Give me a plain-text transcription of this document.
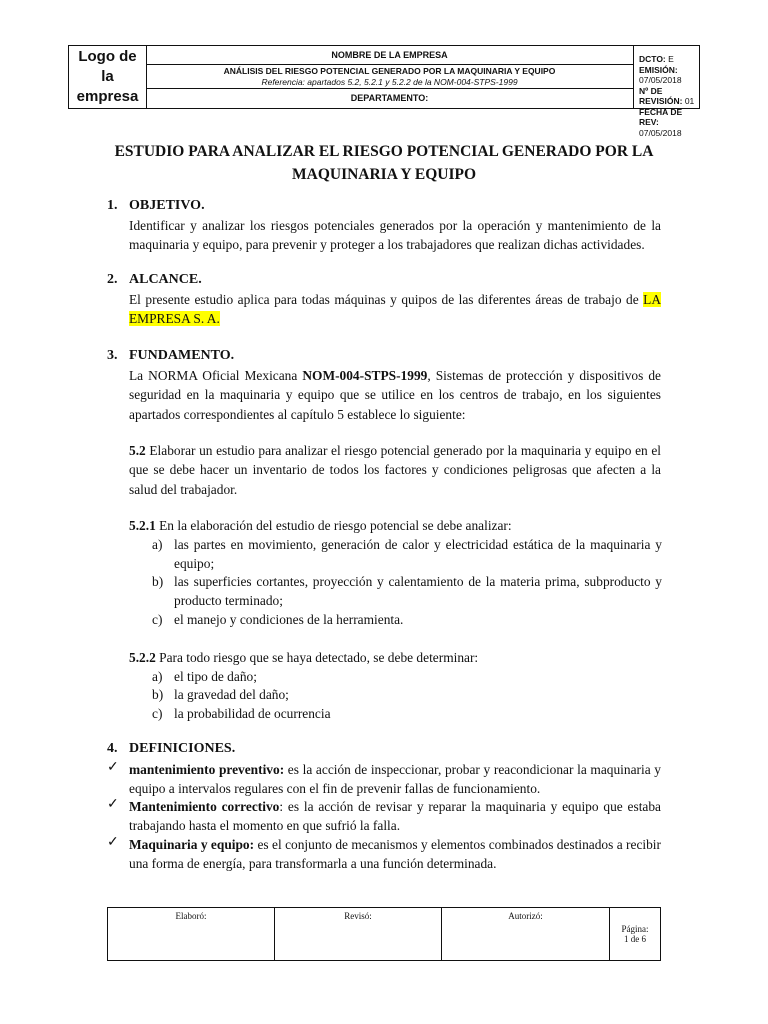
Logo de
la
empresa
NOMBRE DE LA EMPRESA
ANÁLISIS DEL RIESGO POTENCIAL GENERADO POR LA MAQUINARIA Y EQUIPO
Referencia: apartados 5.2, 5.2.1 y 5.2.2 de la NOM-004-STPS-1999
DEPARTAMENTO:
DCTO: E
EMISIÓN: 07/05/2018
Nº DE REVISIÓN: 01
FECHA DE REV: 07/05/2018
ESTUDIO PARA ANALIZAR EL RIESGO POTENCIAL GENERADO POR LA
MAQUINARIA Y EQUIPO
1. OBJETIVO.
Identificar y analizar los riesgos potenciales generados por la operación y mantenimiento de la maquinaria y equipo, para prevenir y proteger a los trabajadores que realizan dichas actividades.
2. ALCANCE.
El presente estudio aplica para todas máquinas y quipos de las diferentes áreas de trabajo de LA EMPRESA S. A.
3. FUNDAMENTO.
La NORMA Oficial Mexicana NOM-004-STPS-1999, Sistemas de protección y dispositivos de seguridad en la maquinaria y equipo que se utilice en los centros de trabajo, en los siguientes apartados correspondientes al capítulo 5 establece lo siguiente:
5.2 Elaborar un estudio para analizar el riesgo potencial generado por la maquinaria y equipo en el que se debe hacer un inventario de todos los factores y condiciones peligrosas que afecten a la salud del trabajador.
5.2.1 En la elaboración del estudio de riesgo potencial se debe analizar:
a) las partes en movimiento, generación de calor y electricidad estática de la maquinaria y equipo;
b) las superficies cortantes, proyección y calentamiento de la materia prima, subproducto y producto terminado;
c) el manejo y condiciones de la herramienta.
5.2.2 Para todo riesgo que se haya detectado, se debe determinar:
a) el tipo de daño;
b) la gravedad del daño;
c) la probabilidad de ocurrencia
4. DEFINICIONES.
✓ mantenimiento preventivo: es la acción de inspeccionar, probar y reacondicionar la maquinaria y equipo a intervalos regulares con el fin de prevenir fallas de funcionamiento.
✓ Mantenimiento correctivo: es la acción de revisar y reparar la maquinaria y equipo que estaba trabajando hasta el momento en que sufrió la falla.
✓ Maquinaria y equipo: es el conjunto de mecanismos y elementos combinados destinados a recibir una forma de energía, para transformarla a una función determinada.
Elaboró:	Revisó:	Autorizó:
Página:
1 de 6
